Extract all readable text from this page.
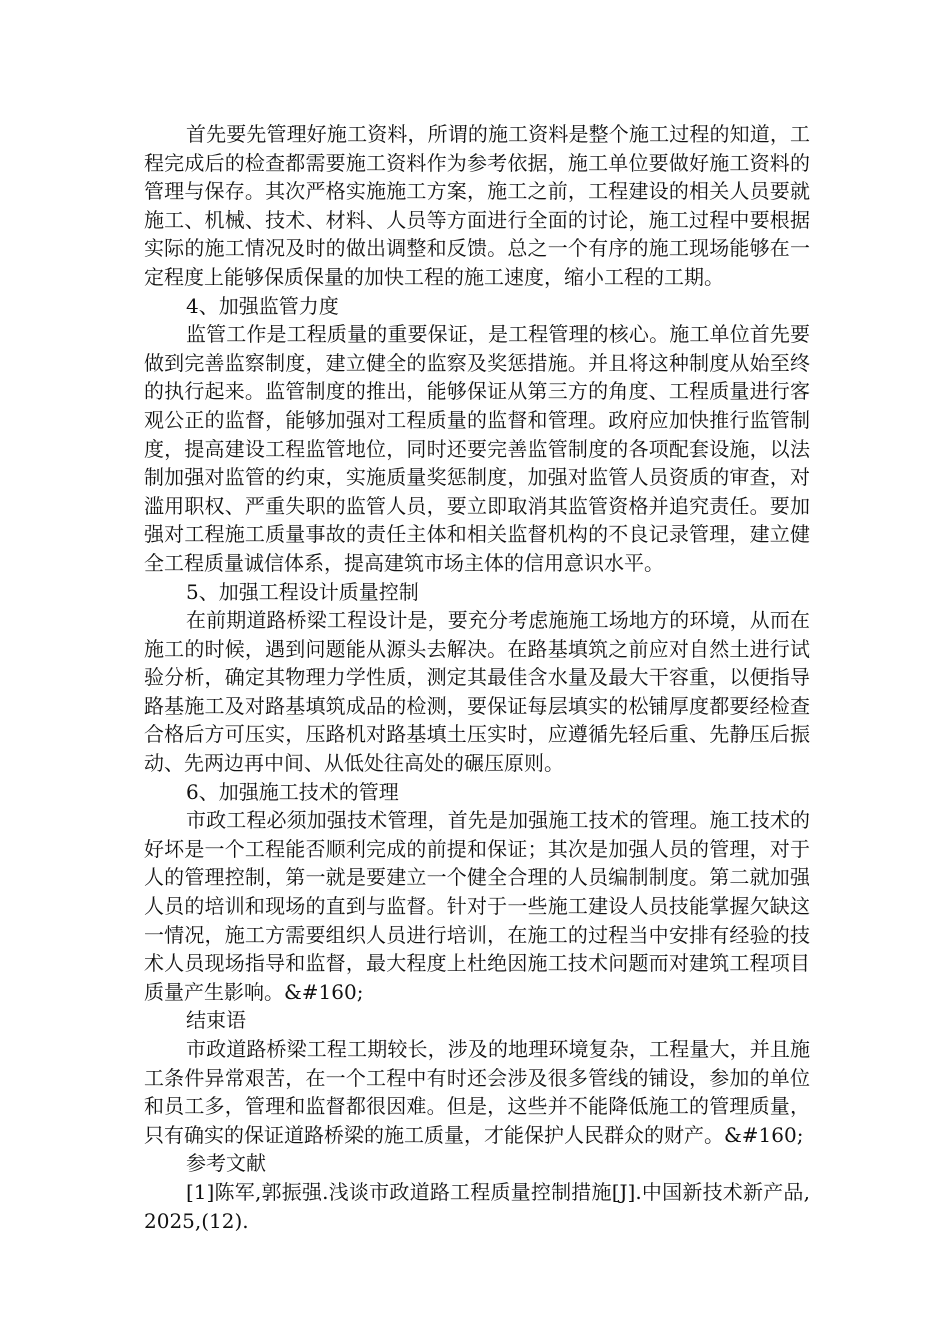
首先要先管理好施工资料，所谓的施工资料是整个施工过程的知道，工程完成后的检查都需要施工资料作为参考依据，施工单位要做好施工资料的管理与保存。其次严格实施施工方案，施工之前，工程建设的相关人员要就施工、机械、技术、材料、人员等方面进行全面的讨论，施工过程中要根据实际的施工情况及时的做出调整和反馈。总之一个有序的施工现场能够在一定程度上能够保质保量的加快工程的施工速度，缩小工程的工期。

4、加强监管力度

监管工作是工程质量的重要保证，是工程管理的核心。施工单位首先要做到完善监察制度，建立健全的监察及奖惩措施。并且将这种制度从始至终的执行起来。监管制度的推出，能够保证从第三方的角度、工程质量进行客观公正的监督，能够加强对工程质量的监督和管理。政府应加快推行监管制度，提高建设工程监管地位，同时还要完善监管制度的各项配套设施，以法制加强对监管的约束，实施质量奖惩制度，加强对监管人员资质的审查，对滥用职权、严重失职的监管人员，要立即取消其监管资格并追究责任。要加强对工程施工质量事故的责任主体和相关监督机构的不良记录管理，建立健全工程质量诚信体系，提高建筑市场主体的信用意识水平。

5、加强工程设计质量控制

在前期道路桥梁工程设计是，要充分考虑施施工场地方的环境，从而在施工的时候，遇到问题能从源头去解决。在路基填筑之前应对自然土进行试验分析，确定其物理力学性质，测定其最佳含水量及最大干容重，以便指导路基施工及对路基填筑成品的检测，要保证每层填实的松铺厚度都要经检查合格后方可压实，压路机对路基填土压实时，应遵循先轻后重、先静压后振动、先两边再中间、从低处往高处的碾压原则。

6、加强施工技术的管理

市政工程必须加强技术管理，首先是加强施工技术的管理。施工技术的好坏是一个工程能否顺利完成的前提和保证；其次是加强人员的管理，对于人的管理控制，第一就是要建立一个健全合理的人员编制制度。第二就加强人员的培训和现场的直到与监督。针对于一些施工建设人员技能掌握欠缺这一情况，施工方需要组织人员进行培训，在施工的过程当中安排有经验的技术人员现场指导和监督，最大程度上杜绝因施工技术问题而对建筑工程项目质量产生影响。&#160;

结束语

市政道路桥梁工程工期较长，涉及的地理环境复杂，工程量大，并且施工条件异常艰苦，在一个工程中有时还会涉及很多管线的铺设，参加的单位和员工多，管理和监督都很因难。但是，这些并不能降低施工的管理质量，只有确实的保证道路桥梁的施工质量，才能保护人民群众的财产。&#160;

参考文献

[1]陈军,郭振强.浅谈市政道路工程质量控制措施[J].中国新技术新产品,2025,(12).
